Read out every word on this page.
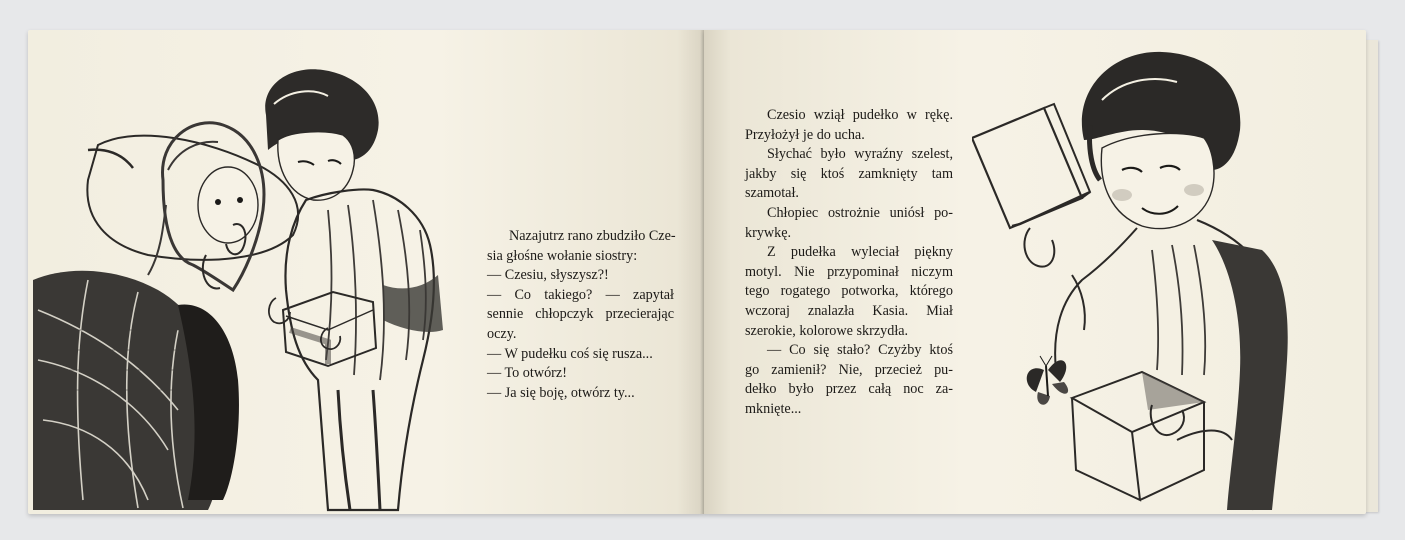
Nazajutrz rano zbudziło Cze-
sia głośne wołanie siostry:

— Czesiu, słyszysz?!

— Co takiego? — zapytał
sennie chłopczyk przecierając
oczy.

— W pudełku coś się rusza...

— To otwórz!

— Ja się boję, otwórz ty...

Czesio wziął pudełko w rękę.
Przyłożył je do ucha.

Słychać było wyraźny szelest,
jakby się ktoś zamknięty tam
szamotał.

Chłopiec ostrożnie uniósł po-
krywkę.

Z pudełka wyleciał piękny
motyl. Nie przypominał niczym
tego rogatego potworka, którego
wczoraj znalazła Kasia. Miał
szerokie, kolorowe skrzydła.

— Co się stało? Czyżby ktoś
go zamienił? Nie, przecież pu-
dełko było przez całą noc za-
mknięte...
